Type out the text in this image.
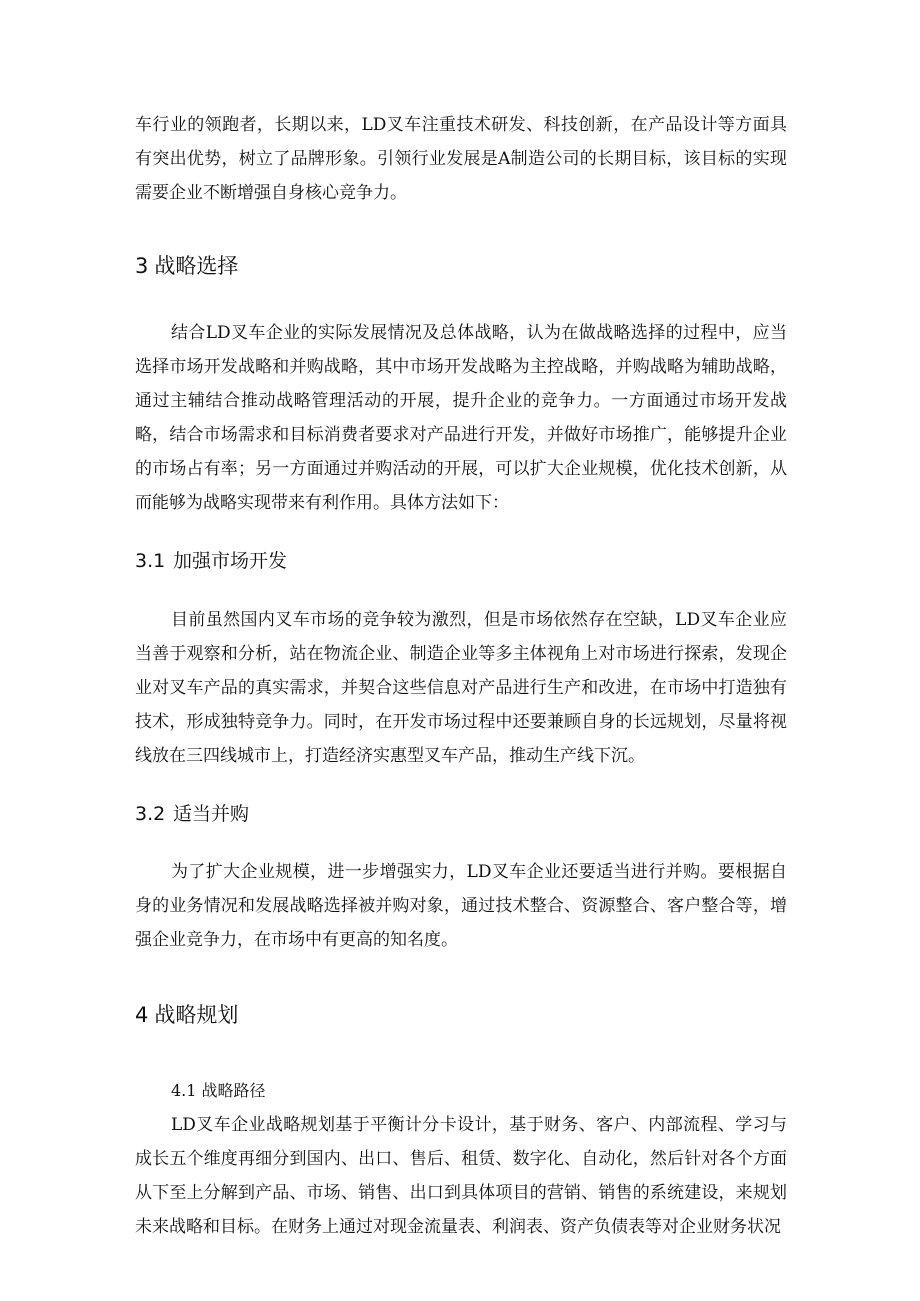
车行业的领跑者，长期以来，LD叉车注重技术研发、科技创新，在产品设计等方面具有突出优势，树立了品牌形象。引领行业发展是A制造公司的长期目标，该目标的实现需要企业不断增强自身核心竞争力。

3 战略选择

结合LD叉车企业的实际发展情况及总体战略，认为在做战略选择的过程中，应当选择市场开发战略和并购战略，其中市场开发战略为主控战略，并购战略为辅助战略，通过主辅结合推动战略管理活动的开展，提升企业的竞争力。一方面通过市场开发战略，结合市场需求和目标消费者要求对产品进行开发，并做好市场推广，能够提升企业的市场占有率；另一方面通过并购活动的开展，可以扩大企业规模，优化技术创新，从而能够为战略实现带来有利作用。具体方法如下：

3.1 加强市场开发

目前虽然国内叉车市场的竞争较为激烈，但是市场依然存在空缺，LD叉车企业应当善于观察和分析，站在物流企业、制造企业等多主体视角上对市场进行探索，发现企业对叉车产品的真实需求，并契合这些信息对产品进行生产和改进，在市场中打造独有技术，形成独特竞争力。同时，在开发市场过程中还要兼顾自身的长远规划，尽量将视线放在三四线城市上，打造经济实惠型叉车产品，推动生产线下沉。

3.2 适当并购

为了扩大企业规模，进一步增强实力，LD叉车企业还要适当进行并购。要根据自身的业务情况和发展战略选择被并购对象，通过技术整合、资源整合、客户整合等，增强企业竞争力，在市场中有更高的知名度。

4 战略规划
4.1 战略路径

LD叉车企业战略规划基于平衡计分卡设计，基于财务、客户、内部流程、学习与成长五个维度再细分到国内、出口、售后、租赁、数字化、自动化，然后针对各个方面从下至上分解到产品、市场、销售、出口到具体项目的营销、销售的系统建设，来规划未来战略和目标。在财务上通过对现金流量表、利润表、资产负债表等对企业财务状况
